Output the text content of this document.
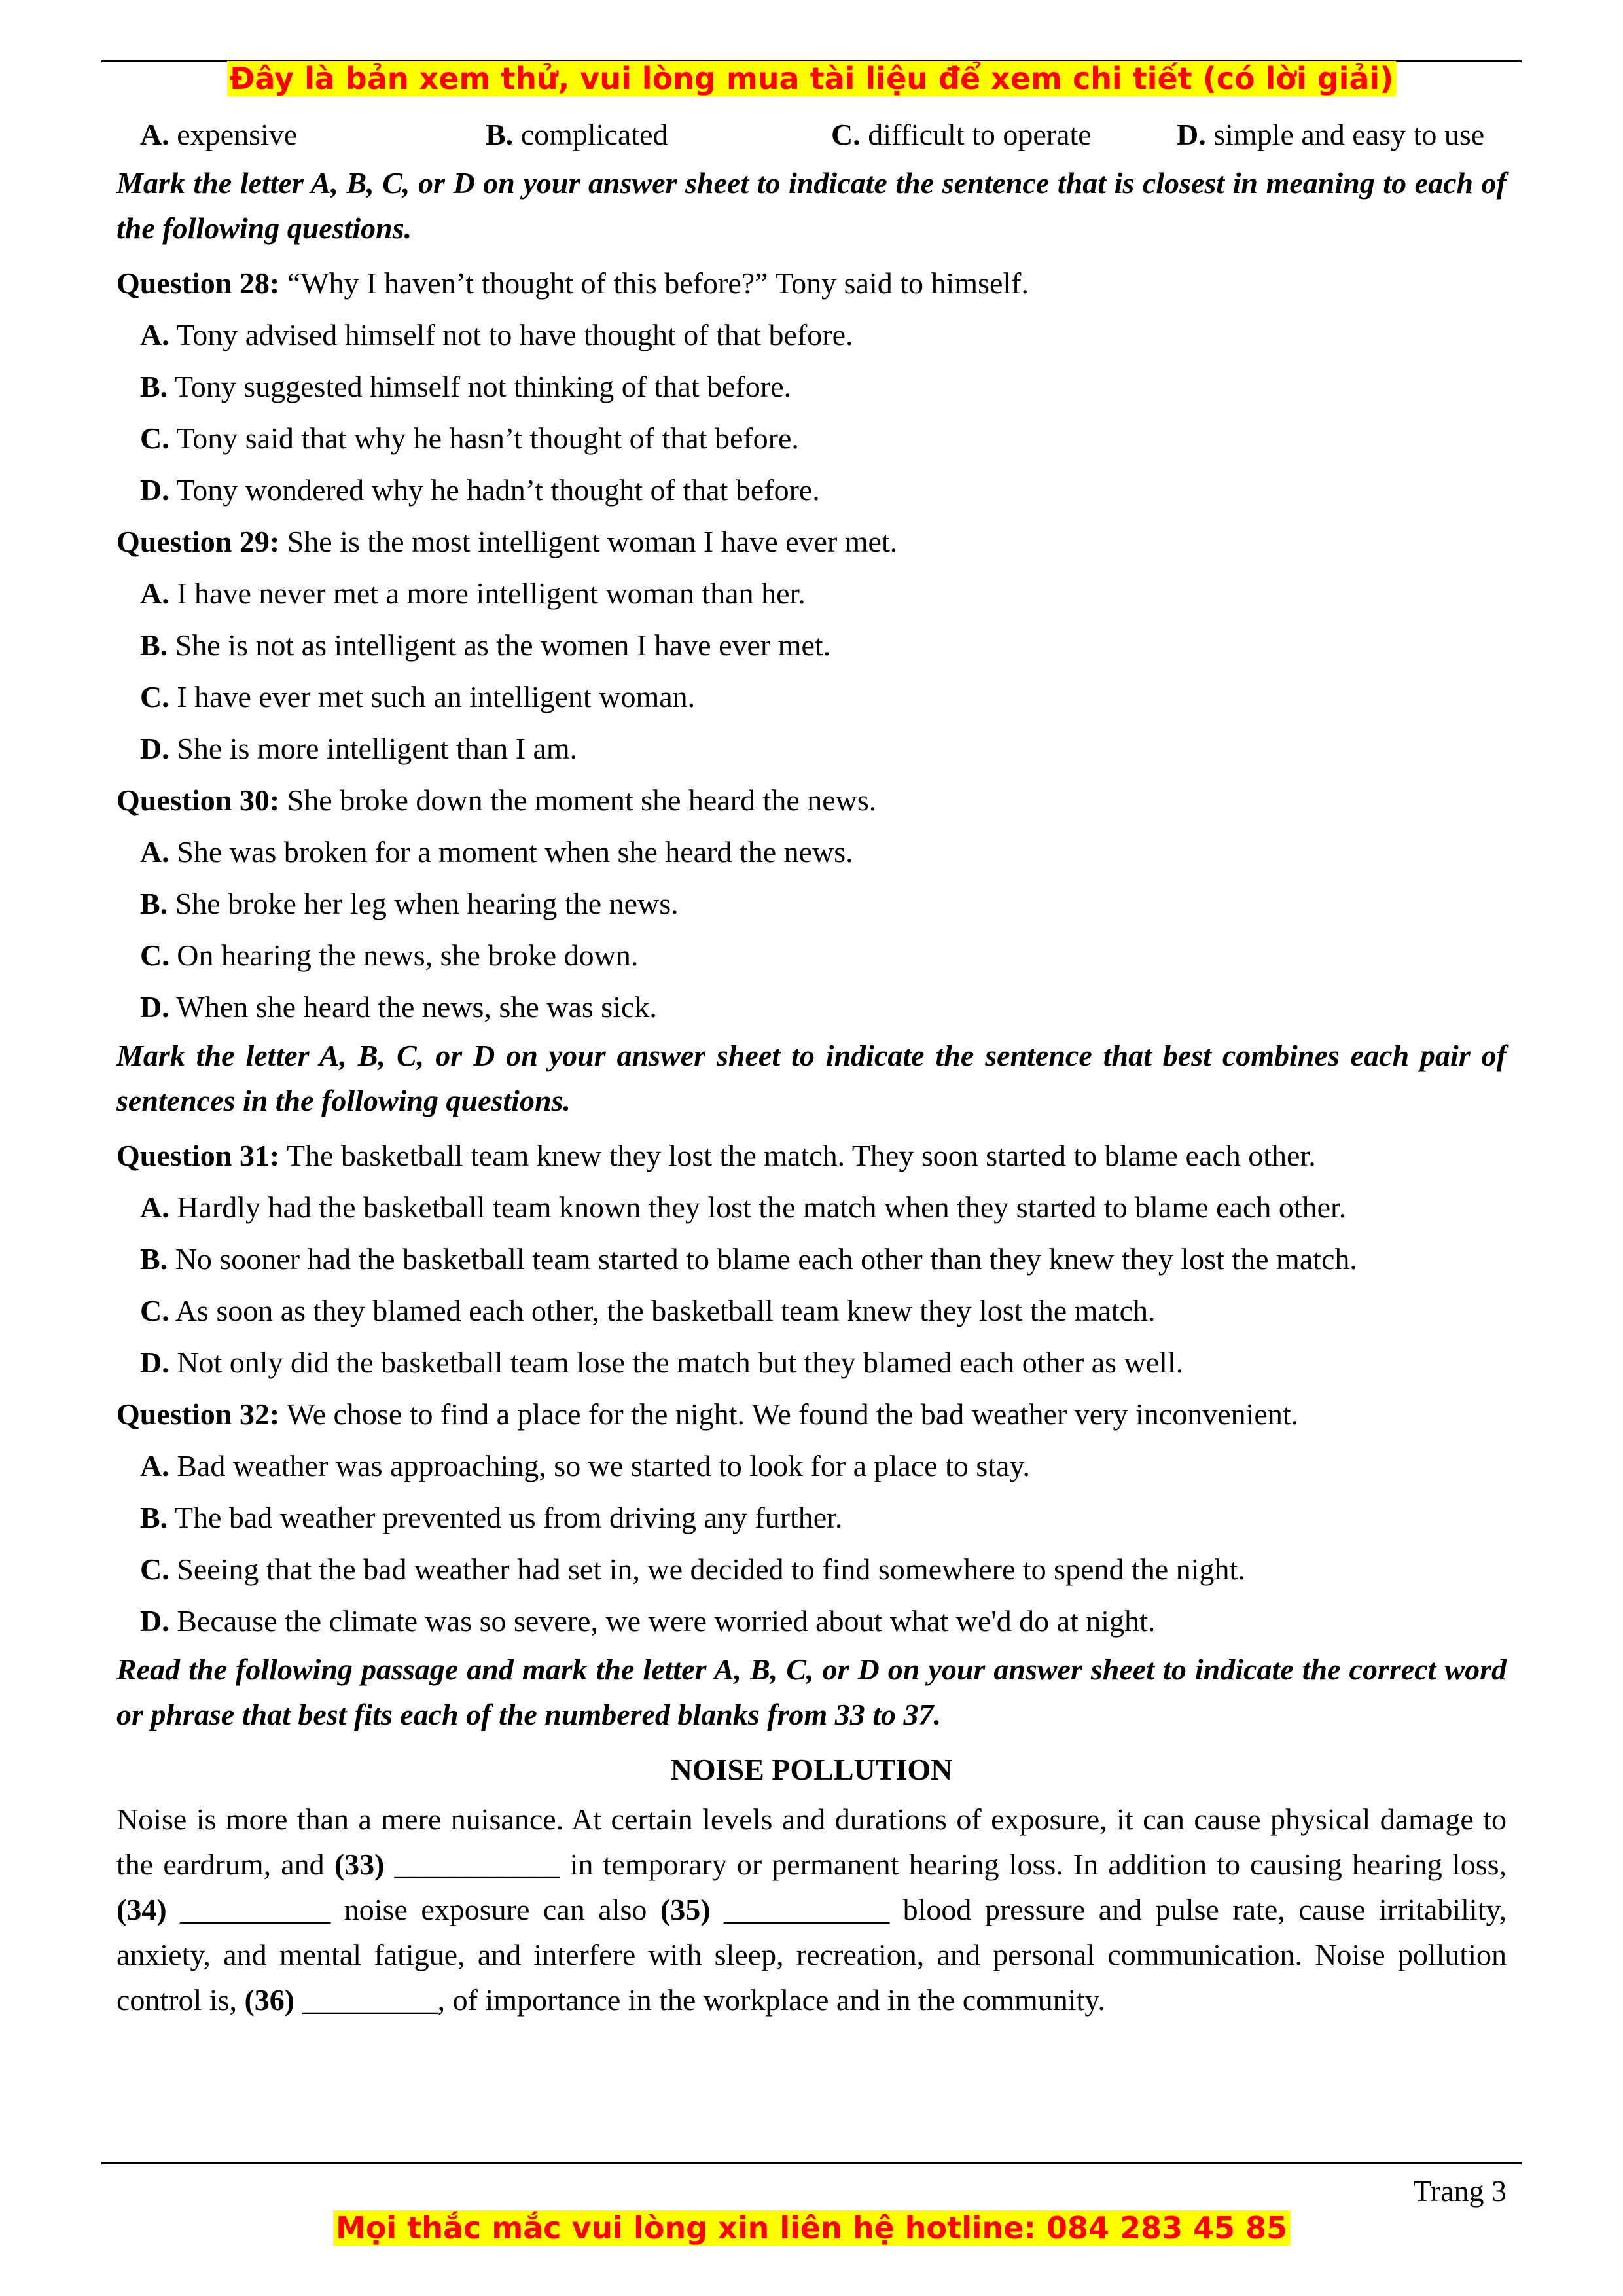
Đây là bản xem thử, vui lòng mua tài liệu để xem chi tiết (có lời giải)
A. expensive	B. complicated	C. difficult to operate	D. simple and easy to use
Mark the letter A, B, C, or D on your answer sheet to indicate the sentence that is closest in meaning to each of the following questions.
Question 28: “Why I haven’t thought of this before?” Tony said to himself.
A. Tony advised himself not to have thought of that before.
B. Tony suggested himself not thinking of that before.
C. Tony said that why he hasn’t thought of that before.
D. Tony wondered why he hadn’t thought of that before.
Question 29: She is the most intelligent woman I have ever met.
A. I have never met a more intelligent woman than her.
B. She is not as intelligent as the women I have ever met.
C. I have ever met such an intelligent woman.
D. She is more intelligent than I am.
Question 30: She broke down the moment she heard the news.
A. She was broken for a moment when she heard the news.
B. She broke her leg when hearing the news.
C. On hearing the news, she broke down.
D. When she heard the news, she was sick.
Mark the letter A, B, C, or D on your answer sheet to indicate the sentence that best combines each pair of sentences in the following questions.
Question 31: The basketball team knew they lost the match. They soon started to blame each other.
A. Hardly had the basketball team known they lost the match when they started to blame each other.
B. No sooner had the basketball team started to blame each other than they knew they lost the match.
C. As soon as they blamed each other, the basketball team knew they lost the match.
D. Not only did the basketball team lose the match but they blamed each other as well.
Question 32: We chose to find a place for the night. We found the bad weather very inconvenient.
A. Bad weather was approaching, so we started to look for a place to stay.
B. The bad weather prevented us from driving any further.
C. Seeing that the bad weather had set in, we decided to find somewhere to spend the night.
D. Because the climate was so severe, we were worried about what we'd do at night.
Read the following passage and mark the letter A, B, C, or D on your answer sheet to indicate the correct word or phrase that best fits each of the numbered blanks from 33 to 37.
NOISE POLLUTION
Noise is more than a mere nuisance. At certain levels and durations of exposure, it can cause physical damage to the eardrum, and (33) ___________ in temporary or permanent hearing loss. In addition to causing hearing loss, (34) __________ noise exposure can also (35) ___________ blood pressure and pulse rate, cause irritability, anxiety, and mental fatigue, and interfere with sleep, recreation, and personal communication. Noise pollution control is, (36) _________, of importance in the workplace and in the community.
Trang 3
Mọi thắc mắc vui lòng xin liên hệ hotline: 084 283 45 85
